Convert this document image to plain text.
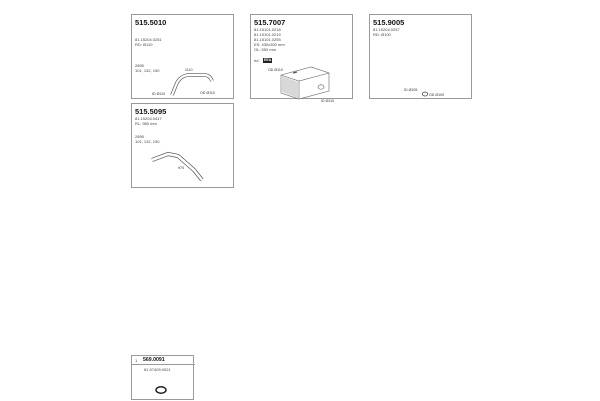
515.5010
81.15204.0251
RD: Ø110
2895
101, 132, 150	1110
ID Ø110	OD Ø110
515.7007
81.15101.0218
81.15101.0219
81.15101.0255
ES: 430x300 mm
OL: 550 mm
ed EEA
OD Ø110
ID Ø110
515.9005
81.15204.0257
RD: Ø100
ID Ø105
OD Ø100
515.5095
81.15204.0417
RL: 980 mm
2895
101, 132, 150
975
1 569.0091
81.97409.0021
